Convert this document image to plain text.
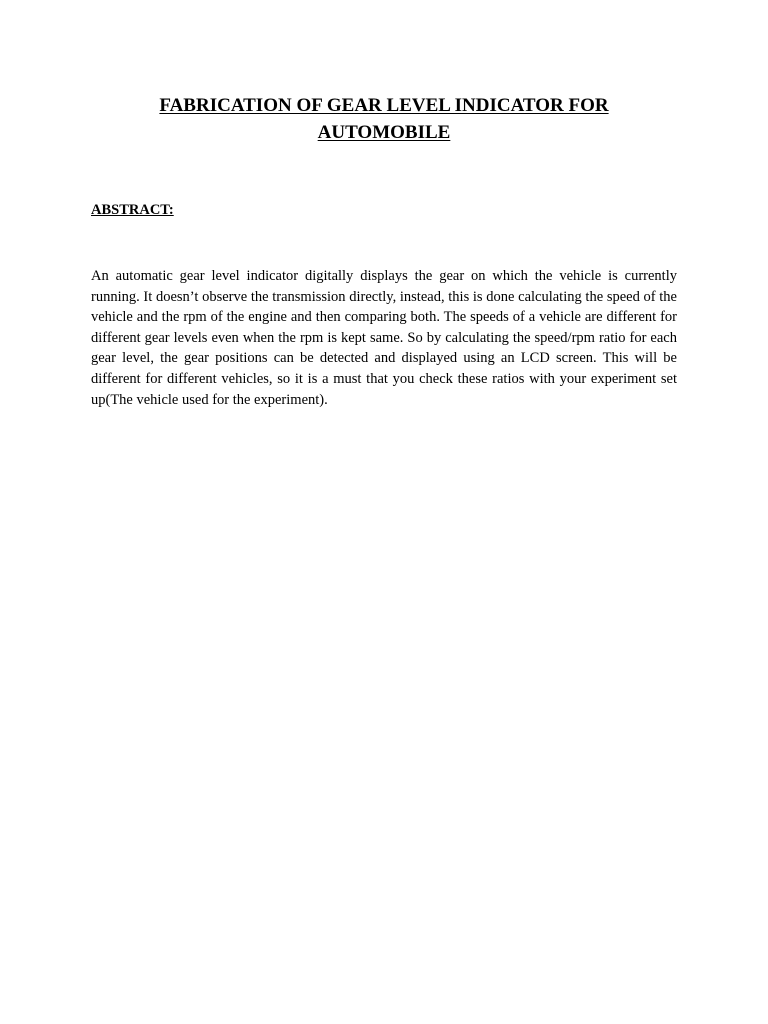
FABRICATION OF GEAR LEVEL INDICATOR FOR
AUTOMOBILE
ABSTRACT:

An automatic gear level indicator digitally displays the gear on which the vehicle is currently running. It doesn’t observe the transmission directly, instead, this is done calculating the speed of the vehicle and the rpm of the engine and then comparing both. The speeds of a vehicle are different for different gear levels even when the rpm is kept same. So by calculating the speed/rpm ratio for each gear level, the gear positions can be detected and displayed using an LCD screen. This will be different for different vehicles, so it is a must that you check these ratios with your experiment set up(The vehicle used for the experiment).
